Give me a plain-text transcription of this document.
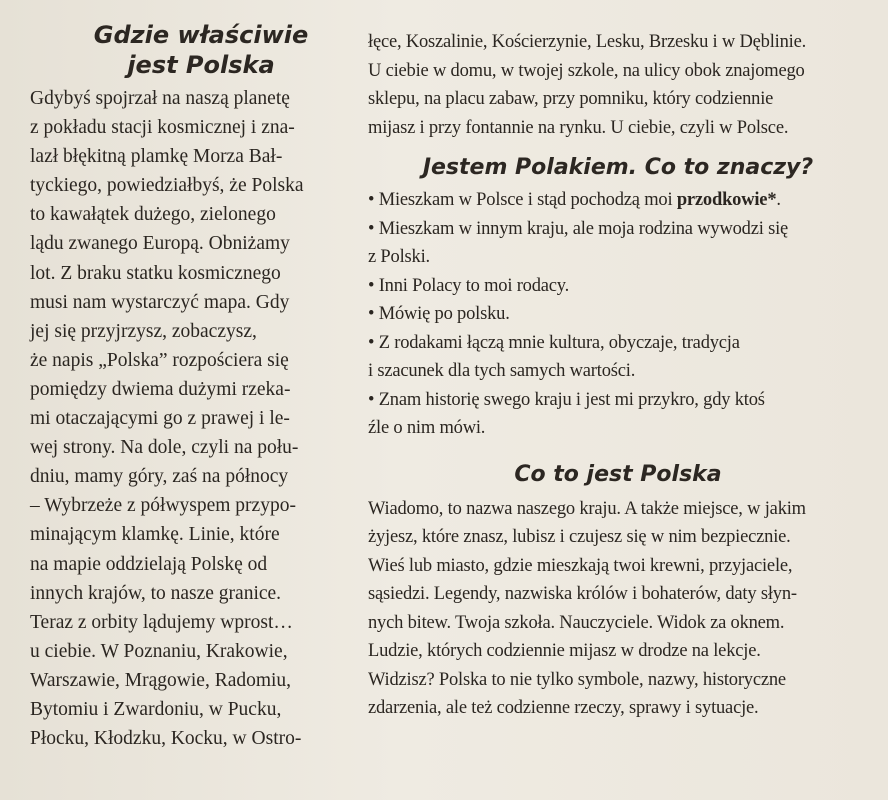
Gdzie właściwie
jest Polska

Gdybyś spojrzał na naszą planetę
z pokładu stacji kosmicznej i zna-
lazł błękitną plamkę Morza Bał-
tyckiego, powiedziałbyś, że Polska
to kawałątek dużego, zielonego
lądu zwanego Europą. Obniżamy
lot. Z braku statku kosmicznego
musi nam wystarczyć mapa. Gdy
jej się przyjrzysz, zobaczysz,
że napis „Polska” rozpościera się
pomiędzy dwiema dużymi rzeka-
mi otaczającymi go z prawej i le-
wej strony. Na dole, czyli na połu-
dniu, mamy góry, zaś na północy
– Wybrzeże z półwyspem przypo-
minającym klamkę. Linie, które
na mapie oddzielają Polskę od
innych krajów, to nasze granice.
Teraz z orbity lądujemy wprost…
u ciebie. W Poznaniu, Krakowie,
Warszawie, Mrągowie, Radomiu,
Bytomiu i Zwardoniu, w Pucku,
Płocku, Kłodzku, Kocku, w Ostro-

łęce, Koszalinie, Kościerzynie, Lesku, Brzesku i w Dęblinie.
U ciebie w domu, w twojej szkole, na ulicy obok znajomego
sklepu, na placu zabaw, przy pomniku, który codziennie
mijasz i przy fontannie na rynku. U ciebie, czyli w Polsce.

Jestem Polakiem. Co to znaczy?
• Mieszkam w Polsce i stąd pochodzą moi przodkowie*.
• Mieszkam w innym kraju, ale moja rodzina wywodzi się
z Polski.
• Inni Polacy to moi rodacy.
• Mówię po polsku.
• Z rodakami łączą mnie kultura, obyczaje, tradycja
i szacunek dla tych samych wartości.
• Znam historię swego kraju i jest mi przykro, gdy ktoś
źle o nim mówi.
Co to jest Polska

Wiadomo, to nazwa naszego kraju. A także miejsce, w jakim
żyjesz, które znasz, lubisz i czujesz się w nim bezpiecznie.
Wieś lub miasto, gdzie mieszkają twoi krewni, przyjaciele,
sąsiedzi. Legendy, nazwiska królów i bohaterów, daty słyn-
nych bitew. Twoja szkoła. Nauczyciele. Widok za oknem.
Ludzie, których codziennie mijasz w drodze na lekcje.
Widzisz? Polska to nie tylko symbole, nazwy, historyczne
zdarzenia, ale też codzienne rzeczy, sprawy i sytuacje.
